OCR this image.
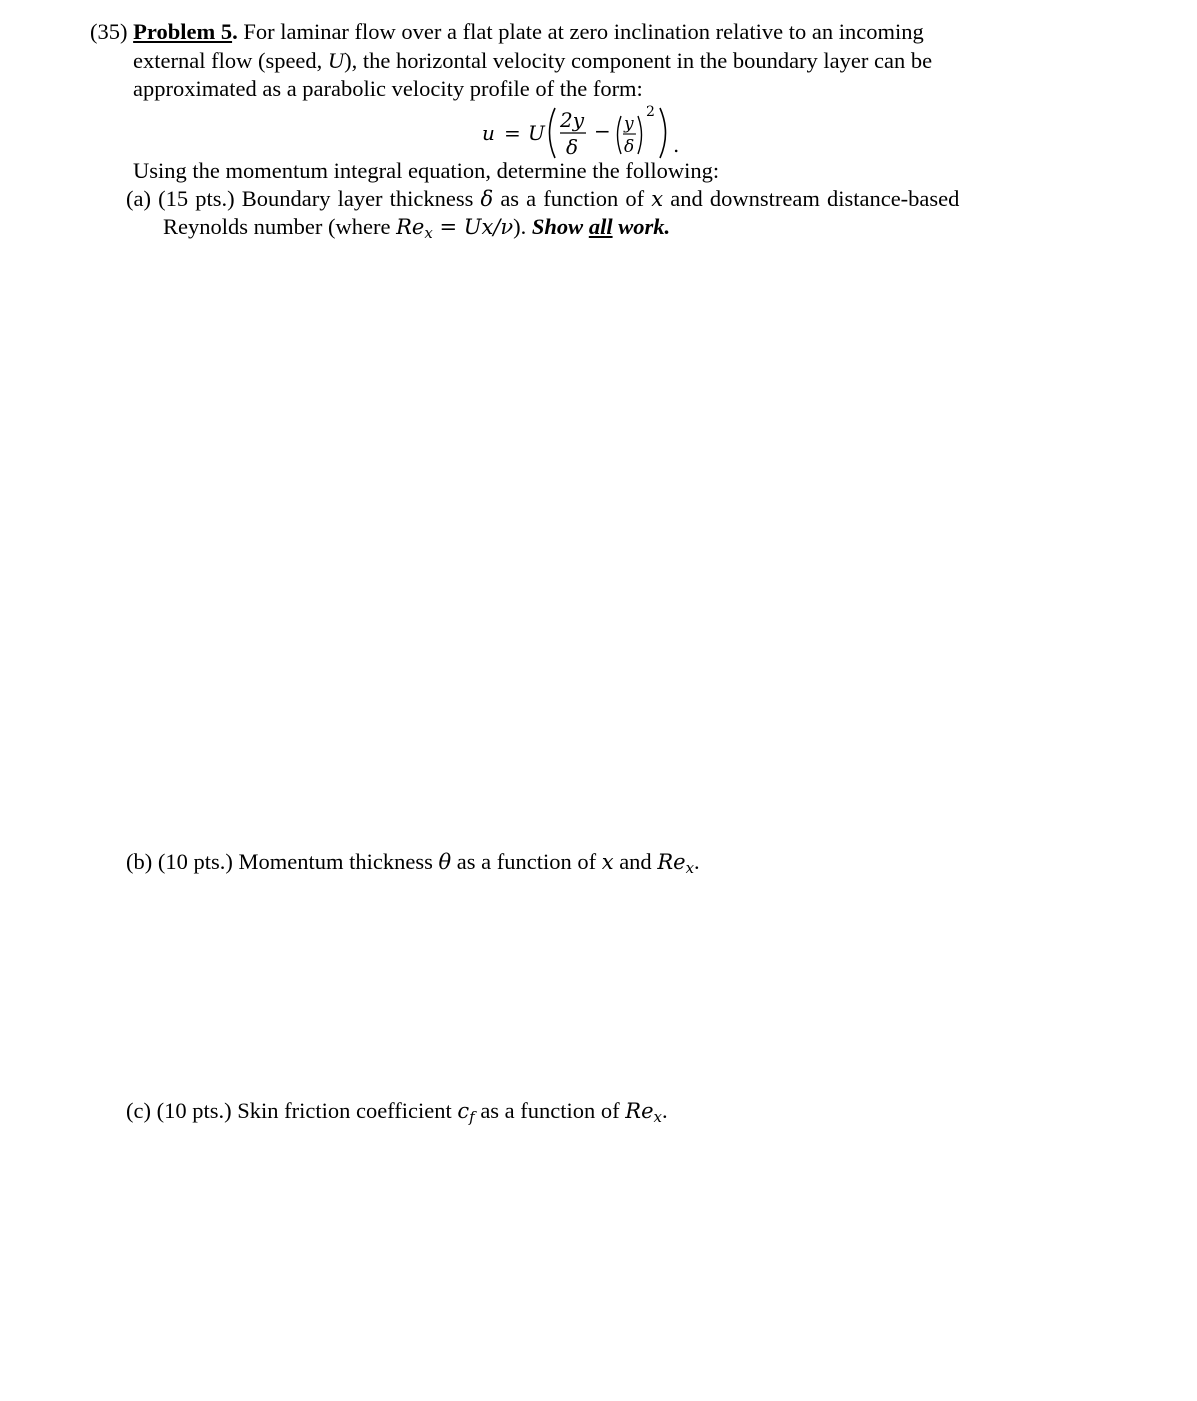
(35) Problem 5. For laminar flow over a flat plate at zero inclination relative to an incoming
external flow (speed, U), the horizontal velocity component in the boundary layer can be
approximated as a parabolic velocity profile of the form:
u = U
2y
δ
− y
δ
2
.
Using the momentum integral equation, determine the following:
(a) (15 pts.) Boundary layer thickness δ as a function of x and downstream distance-based
Reynolds number (where $Re_x = Ux/\nu$). Show all work.
(b) (10 pts.) Momentum thickness θ as a function of x and $Re_x$.
(c) (10 pts.) Skin friction coefficient $c_f$ as a function of $Re_x$.
